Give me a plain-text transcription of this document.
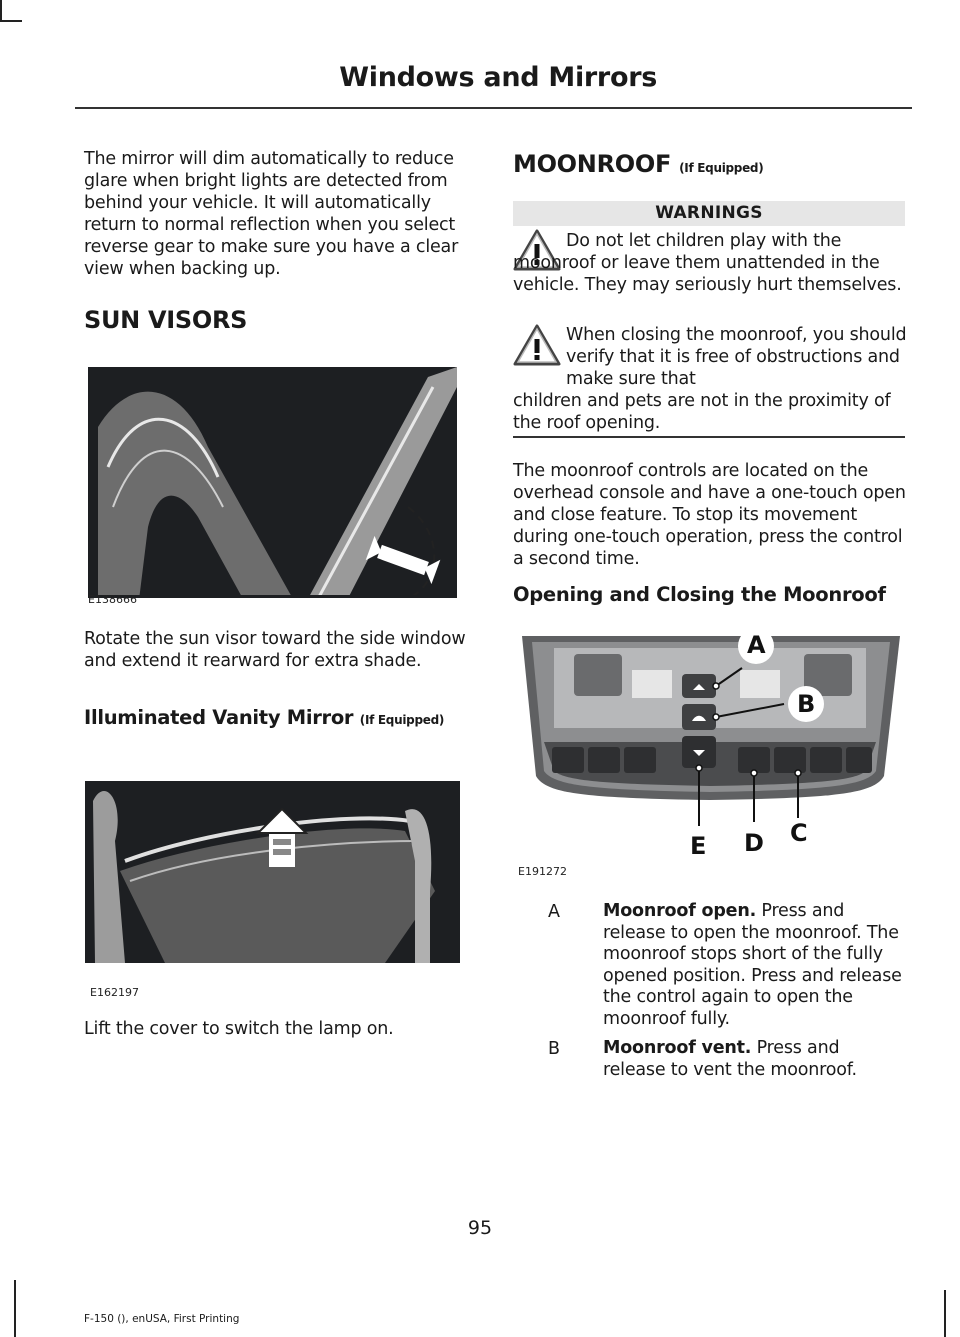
Windows and Mirrors
The mirror will dim automatically to reduce glare when bright lights are detected from behind your vehicle. It will automatically return to normal reflection when you select reverse gear to make sure you have a clear view when backing up.
SUN VISORS
E138666
Rotate the sun visor toward the side window and extend it rearward for extra shade.
Illuminated Vanity Mirror (If Equipped)
E162197
Lift the cover to switch the lamp on.
MOONROOF (If Equipped)
WARNINGS
Do not let children play with the moonroof or leave them unattended in the vehicle. They may seriously hurt themselves.
When closing the moonroof, you should verify that it is free of obstructions and make sure that
children and pets are not in the proximity of the roof opening.
The moonroof controls are located on the overhead console and have a one-touch open and close feature. To stop its movement during one-touch operation, press the control a second time.
Opening and Closing the Moonroof
A
B
C
D
E
E191272
A Moonroof open. Press and release to open the moonroof. The moonroof stops short of the fully opened position. Press and release the control again to open the moonroof fully.
B Moonroof vent. Press and release to vent the moonroof.
95
F-150 (), enUSA, First Printing
